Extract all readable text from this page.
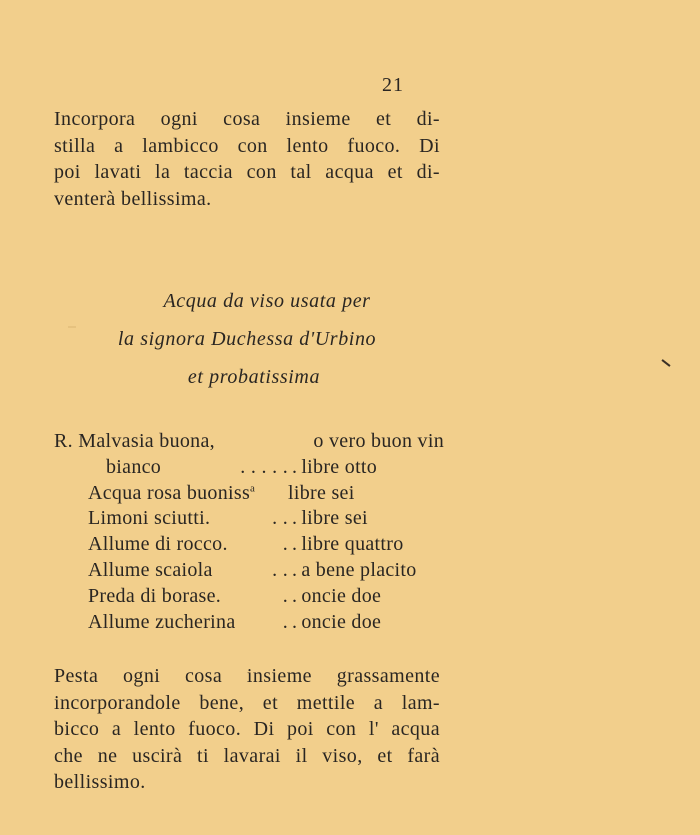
21
Incorpora ogni cosa insieme et di-
stilla a lambicco con lento fuoco. Di
poi lavati la taccia con tal acqua et di-
venterà bellissima.
Acqua da viso usata per
la signora Duchessa d'Urbino
et probatissima
R. Malvasia buona,	o vero buon vin
bianco	. . . . . . libre otto
Acqua rosa buoniss$^a$	libre sei
Limoni sciutti.	. . . libre sei
Allume di rocco.	. . libre quattro
Allume scaiola	. . . a bene placito
Preda di borase.	. . oncie doe
Allume zucherina . . oncie doe
Pesta ogni cosa insieme grassamente
incorporandole bene, et mettile a lam-
bicco a lento fuoco. Di poi con l' acqua
che ne uscirà ti lavarai il viso, et farà
bellissimo.
